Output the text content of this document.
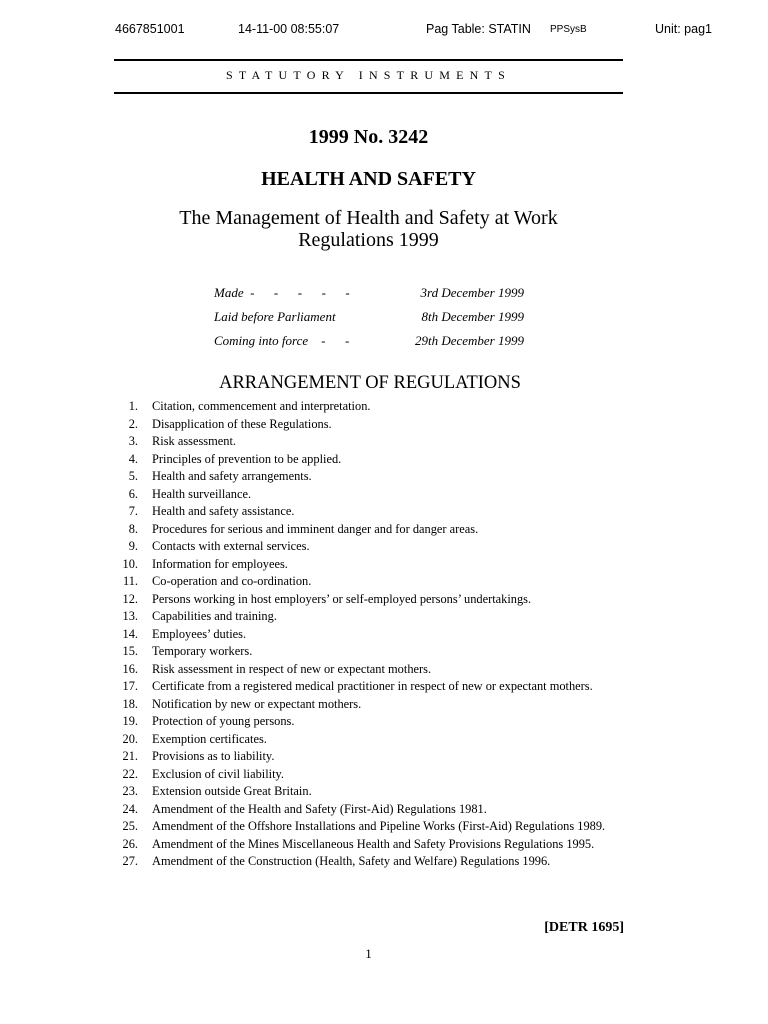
4667851001	14-11-00 08:55:07	Pag Table: STATIN PPSysB	Unit: pag1
STATUTORY INSTRUMENTS
1999 No. 3242
HEALTH AND SAFETY
The Management of Health and Safety at Work
Regulations 1999
Made  -      -      -      -      -	3rd December 1999
Laid before Parliament	8th December 1999
Coming into force    -      -	29th December 1999
ARRANGEMENT OF REGULATIONS
1. Citation, commencement and interpretation.
2. Disapplication of these Regulations.
3. Risk assessment.
4. Principles of prevention to be applied.
5. Health and safety arrangements.
6. Health surveillance.
7. Health and safety assistance.
8. Procedures for serious and imminent danger and for danger areas.
9. Contacts with external services.
10. Information for employees.
11. Co-operation and co-ordination.
12. Persons working in host employers’ or self-employed persons’ undertakings.
13. Capabilities and training.
14. Employees’ duties.
15. Temporary workers.
16. Risk assessment in respect of new or expectant mothers.
17. Certificate from a registered medical practitioner in respect of new or expectant mothers.
18. Notification by new or expectant mothers.
19. Protection of young persons.
20. Exemption certificates.
21. Provisions as to liability.
22. Exclusion of civil liability.
23. Extension outside Great Britain.
24. Amendment of the Health and Safety (First-Aid) Regulations 1981.
25. Amendment of the Offshore Installations and Pipeline Works (First-Aid) Regulations 1989.
26. Amendment of the Mines Miscellaneous Health and Safety Provisions Regulations 1995.
27. Amendment of the Construction (Health, Safety and Welfare) Regulations 1996.
[DETR 1695]
1
